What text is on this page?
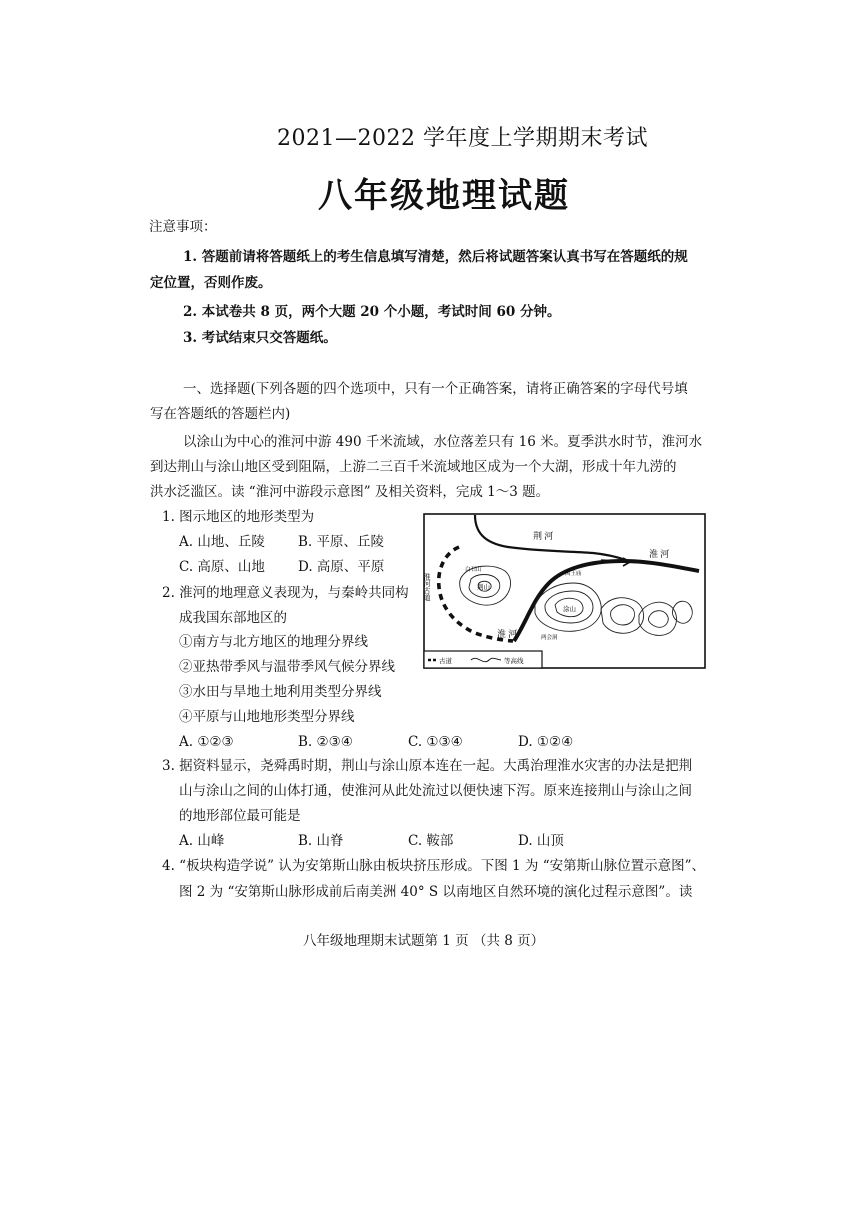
2021—2022 学年度上学期期末考试
八年级地理试题
注意事项：
1. 答题前请将答题纸上的考生信息填写清楚，然后将试题答案认真书写在答题纸的规
定位置，否则作废。
2. 本试卷共 8 页，两个大题 20 个小题，考试时间 60 分钟。
3. 考试结束只交答题纸。
一、选择题(下列各题的四个选项中，只有一个正确答案，请将正确答案的字母代号填
写在答题纸的答题栏内)
以涂山为中心的淮河中游 490 千米流域，水位落差只有 16 米。夏季洪水时节，淮河水
到达荆山与涂山地区受到阻隔，上游二三百千米流域地区成为一个大湖，形成十年九涝的
洪水泛滥区。读 “淮河中游段示意图” 及相关资料，完成 1～3 题。
1. 图示地区的地形类型为
A. 山地、丘陵 B. 平原、丘陵
C. 高原、山地 D. 高原、平原
2. 淮河的地理意义表现为，与秦岭共同构
成我国东部地区的
①南方与北方地区的地理分界线
②亚热带季风与温带季风气候分界线
③水田与旱地土地利用类型分界线
④平原与山地地形类型分界线
A. ①②③	B. ②③④	C. ①③④	D. ①②④
荆 河
淮 河
淮 河
淮河古道
白石山
荆山
禹王庙
涂山
两会洞
古道	等高线
3. 据资料显示，尧舜禹时期，荆山与涂山原本连在一起。大禹治理淮水灾害的办法是把荆
山与涂山之间的山体打通，使淮河从此处流过以便快速下泻。原来连接荆山与涂山之间
的地形部位最可能是
A. 山峰	B. 山脊	C. 鞍部	D. 山顶
4. “板块构造学说” 认为安第斯山脉由板块挤压形成。下图 1 为 “安第斯山脉位置示意图”、
图 2 为 “安第斯山脉形成前后南美洲 40° S 以南地区自然环境的演化过程示意图”。读
八年级地理期末试题第 1 页 （共 8 页）
